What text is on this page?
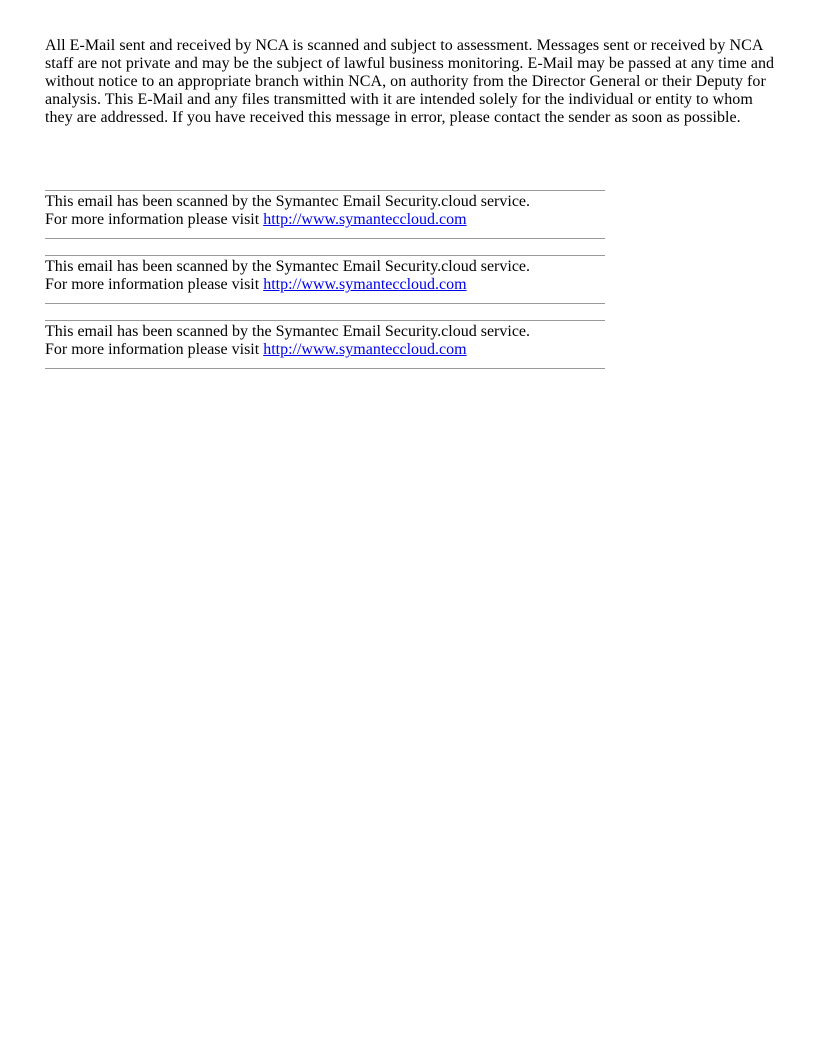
All E-Mail sent and received by NCA is scanned and subject to assessment. Messages sent or received by NCA staff are not private and may be the subject of lawful business monitoring. E-Mail may be passed at any time and without notice to an appropriate branch within NCA, on authority from the Director General or their Deputy for analysis. This E-Mail and any files transmitted with it are intended solely for the individual or entity to whom they are addressed. If you have received this message in error, please contact the sender as soon as possible.

This email has been scanned by the Symantec Email Security.cloud service.
For more information please visit http://www.symanteccloud.com
This email has been scanned by the Symantec Email Security.cloud service.
For more information please visit http://www.symanteccloud.com
This email has been scanned by the Symantec Email Security.cloud service.
For more information please visit http://www.symanteccloud.com
